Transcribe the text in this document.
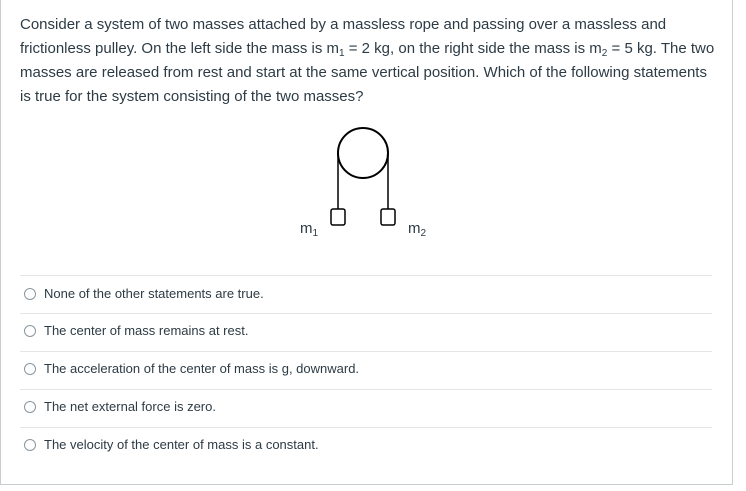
Consider a system of two masses attached by a massless rope and passing over a massless and frictionless pulley. On the left side the mass is $m_1 = 2$ kg, on the right side the mass is $m_2 = 5$ kg. The two masses are released from rest and start at the same vertical position. Which of the following statements is true for the system consisting of the two masses?

$m_1$	$m_2$
None of the other statements are true.
The center of mass remains at rest.
The acceleration of the center of mass is g, downward.
The net external force is zero.
The velocity of the center of mass is a constant.
